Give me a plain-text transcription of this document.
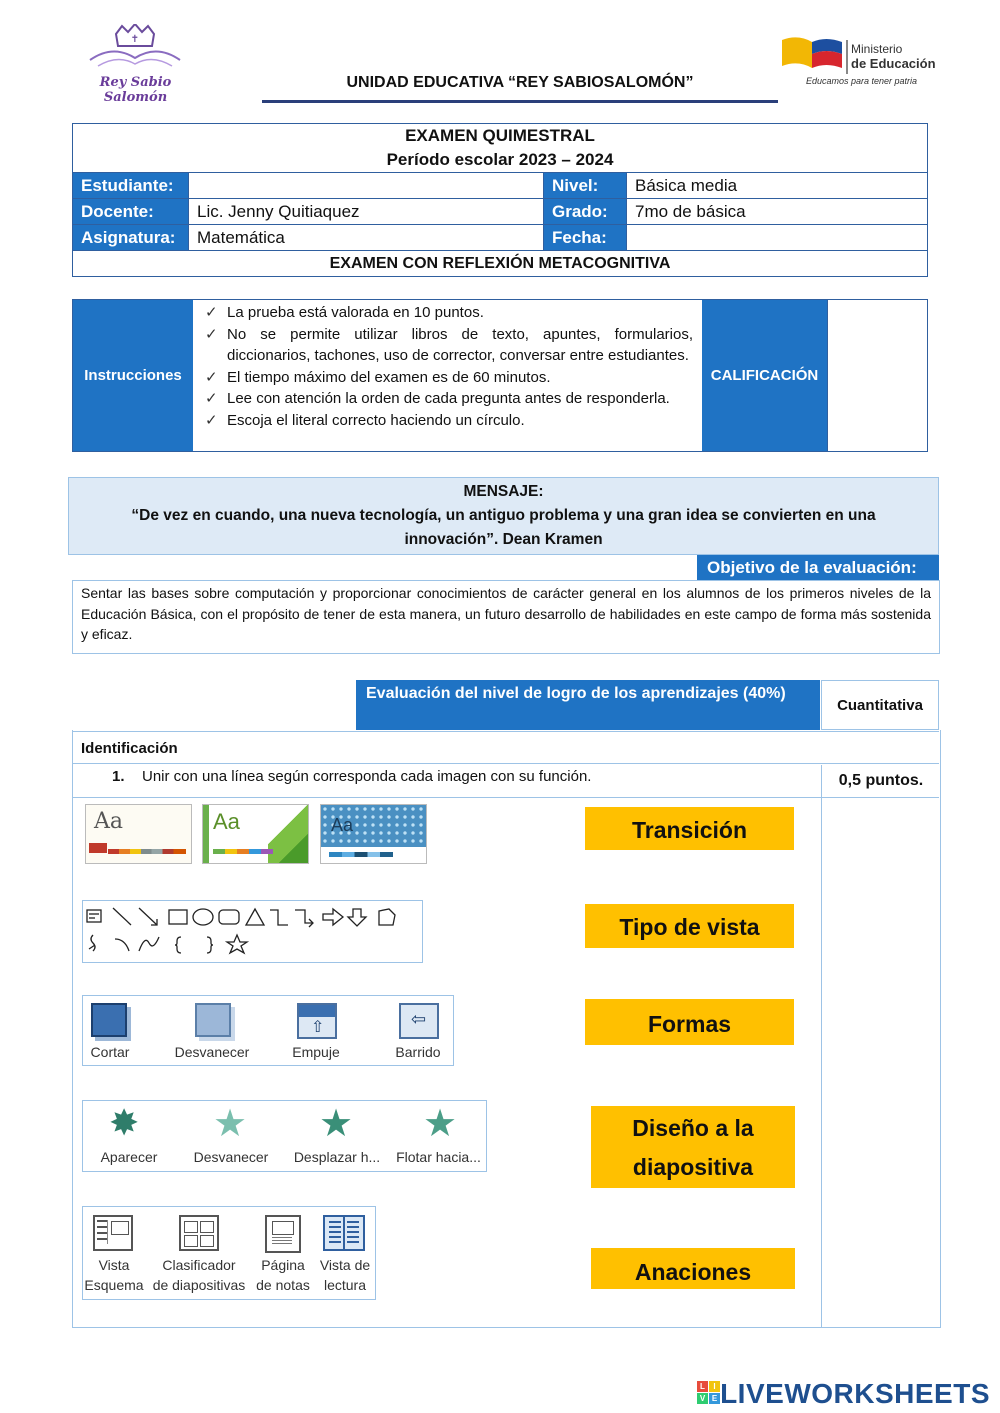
✝
Rey Sabio Salomón
UNIDAD EDUCATIVA “REY SABIOSALOMÓN”
Ministerio
de Educación
Educamos para tener patria
EXAMEN QUIMESTRAL
Período escolar 2023 – 2024			

Estudiante:		Nivel:	Básica media
Docente:	Lic. Jenny Quitiaquez	Grado:	7mo de básica
Asignatura:	Matemática	Fecha:	
EXAMEN CON REFLEXIÓN METACOGNITIVA			
Instrucciones
✓ La prueba está valorada en 10 puntos.
✓ No se permite utilizar libros de texto, apuntes, formularios, diccionarios, tachones, uso de corrector, conversar entre estudiantes.
✓ El tiempo máximo del examen es de 60 minutos.
✓ Lee con atención la orden de cada pregunta antes de responderla.
✓ Escoja el literal correcto haciendo un círculo.
CALIFICACIÓN
MENSAJE:
“De vez en cuando, una nueva tecnología, un antiguo problema y una gran idea se convierten en una innovación”. Dean Kramen
Objetivo de la evaluación:
Sentar las bases sobre computación y proporcionar conocimientos de carácter general en los alumnos de los primeros niveles de la Educación Básica, con el propósito de tener de esta manera, un futuro desarrollo de habilidades en este campo de forma más sostenida y eficaz.
Evaluación del nivel de logro de los aprendizajes (40%)
Cuantitativa
Identificación
1. Unir con una línea según corresponda cada imagen con su función.	0,5 puntos.
Aa	Aa	Aa
Cortar	Desvanecer
⇧
Empuje
⇦
Barrido
✸
Aparecer
★
Desvanecer
★
Desplazar h...
★
Flotar hacia...
Vista
Esquema
Clasificador
de diapositivas
Página
de notas
Vista de
lectura
Transición
Tipo de vista
Formas
Diseño a la diapositiva
Anaciones
L	I
V E LIVEWORKSHEETS
